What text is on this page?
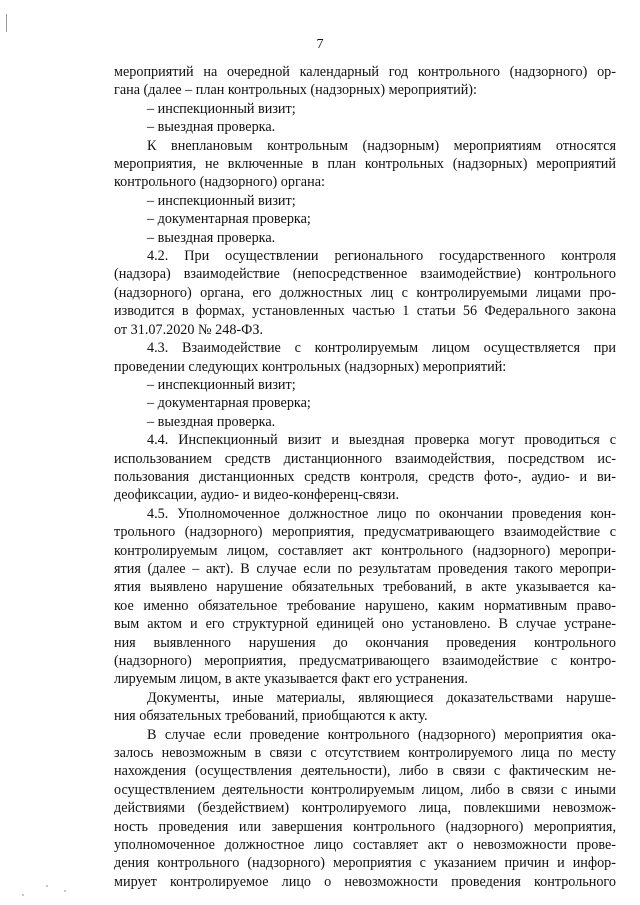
7

мероприятий на очередной календарный год контрольного (надзорного) ор-

гана (далее – план контрольных (надзорных) мероприятий):

– инспекционный визит;

– выездная проверка.

К внеплановым контрольным (надзорным) мероприятиям относятся

мероприятия, не включенные в план контрольных (надзорных) мероприятий

контрольного (надзорного) органа:

– инспекционный визит;

– документарная проверка;

– выездная проверка.

4.2. При осуществлении регионального государственного контроля

(надзора) взаимодействие (непосредственное взаимодействие) контрольного

(надзорного) органа, его должностных лиц с контролируемыми лицами про-

изводится в формах, установленных частью 1 статьи 56 Федерального закона

от 31.07.2020 № 248-ФЗ.

4.3. Взаимодействие с контролируемым лицом осуществляется при

проведении следующих контрольных (надзорных) мероприятий:

– инспекционный визит;

– документарная проверка;

– выездная проверка.

4.4. Инспекционный визит и выездная проверка могут проводиться с

использованием средств дистанционного взаимодействия, посредством ис-

пользования дистанционных средств контроля, средств фото-, аудио- и ви-

деофиксации, аудио- и видео-конференц-связи.

4.5. Уполномоченное должностное лицо по окончании проведения кон-

трольного (надзорного) мероприятия, предусматривающего взаимодействие с

контролируемым лицом, составляет акт контрольного (надзорного) меропри-

ятия (далее – акт). В случае если по результатам проведения такого меропри-

ятия выявлено нарушение обязательных требований, в акте указывается ка-

кое именно обязательное требование нарушено, каким нормативным право-

вым актом и его структурной единицей оно установлено. В случае устране-

ния выявленного нарушения до окончания проведения контрольного

(надзорного) мероприятия, предусматривающего взаимодействие с контро-

лируемым лицом, в акте указывается факт его устранения.

Документы, иные материалы, являющиеся доказательствами наруше-

ния обязательных требований, приобщаются к акту.

В случае если проведение контрольного (надзорного) мероприятия ока-

залось невозможным в связи с отсутствием контролируемого лица по месту

нахождения (осуществления деятельности), либо в связи с фактическим не-

осуществлением деятельности контролируемым лицом, либо в связи с иными

действиями (бездействием) контролируемого лица, повлекшими невозмож-

ность проведения или завершения контрольного (надзорного) мероприятия,

уполномоченное должностное лицо составляет акт о невозможности прове-

дения контрольного (надзорного) мероприятия с указанием причин и инфор-

мирует контролируемое лицо о невозможности проведения контрольного
